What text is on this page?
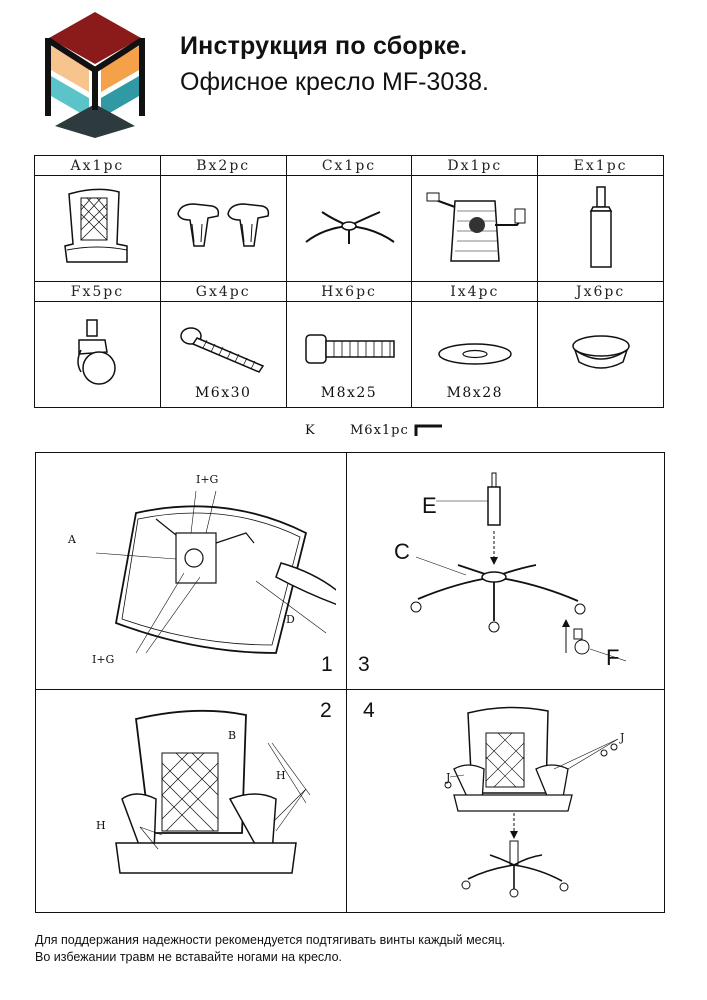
Инструкция по сборке.
Офисное кресло MF-3038.
Ax1pc	Bx2pc	Cx1pc	Dx1pc	Ex1pc

Fx5pc	Gx4pc	Hx6pc	Ix4pc	Jx6pc

M6x30	M8x25	M8x28

K	M6x1pc
A
I+G
D
I+G	1
E
C
F
3
B
H
H
2
J
J
4
Для поддержания надежности рекомендуется подтягивать винты каждый месяц.
Во избежании травм не вставайте ногами на кресло.
